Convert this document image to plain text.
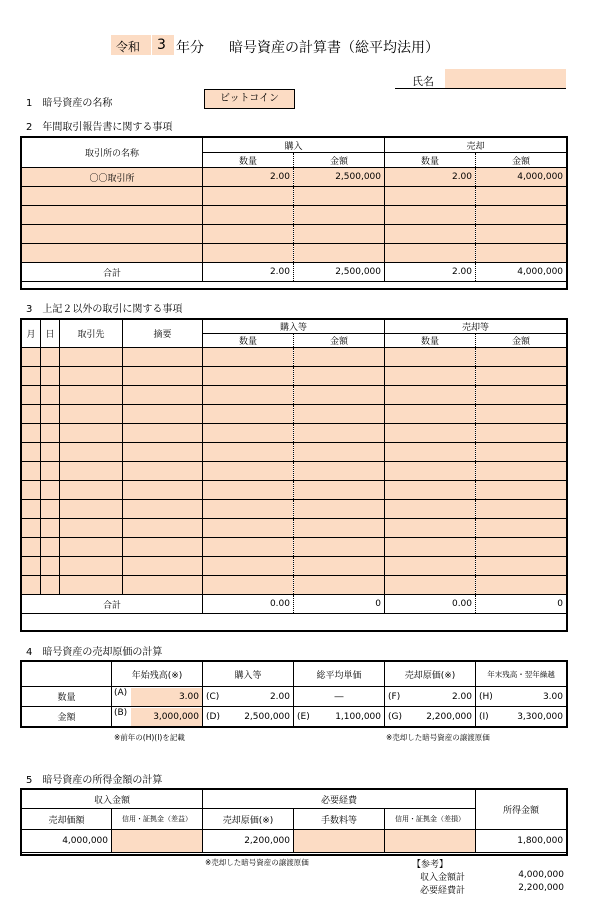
令和 3 年分 暗号資産の計算書（総平均法用）
氏名
1　暗号資産の名称	ビットコイン
2　年間取引報告書に関する事項
取引所の名称	購入		売却	
	数量	金額	数量	金額
〇〇取引所	2.00	2,500,000	2.00	4,000,000

合計	2.00	2,500,000	2.00	4,000,000
3　上記２以外の取引に関する事項
月	日	取引先	摘要	購入等		売却等	
				数量	金額	数量	金額

合計				0.00	0	0.00	0
4　暗号資産の売却原価の計算
	年始残高(※)	購入等	総平均単価	売却原価(※)	年末残高・翌年繰越
数量	(A) 3.00	(C) 2.00	―	(F) 2.00	(H) 3.00
金額	(B) 3,000,000	(D) 2,500,000	(E) 1,100,000	(G) 2,200,000	(I) 3,300,000
※前年の(H)(I)を記載	※売却した暗号資産の譲渡原価
5　暗号資産の所得金額の計算
収入金額		必要経費			所得金額
売却価額	信用・証拠金（差益）	売却原価(※)	手数料等	信用・証拠金（差損）	
4,000,000		2,200,000			1,800,000
※売却した暗号資産の譲渡原価	【参考】
収入金額計	4,000,000
必要経費計	2,200,000
